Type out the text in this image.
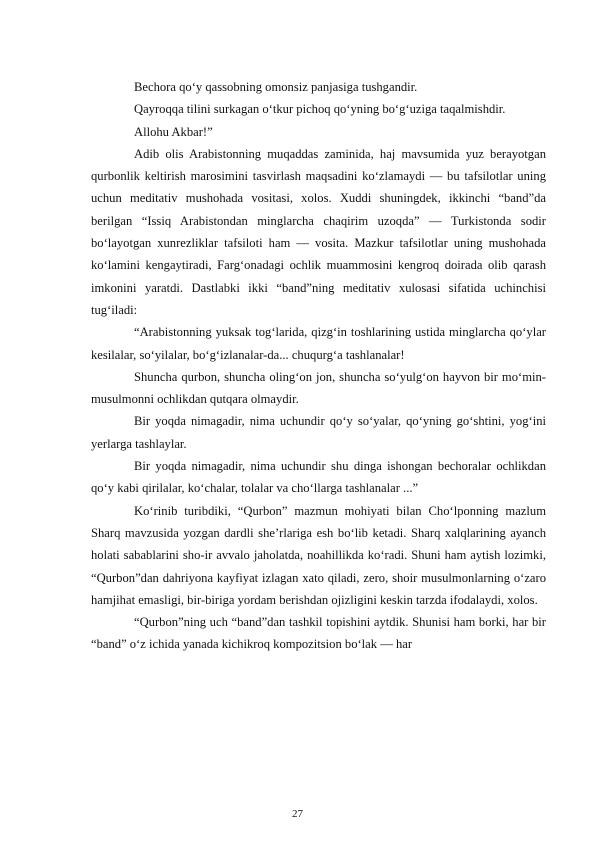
Bechora qo‘y qassobning omonsiz panjasiga tushgandir.

Qayroqqa tilini surkagan o‘tkur pichoq qo‘yning bo‘g‘uziga taqalmishdir.

Allohu Akbar!”

Adib olis Arabistonning muqaddas zaminida, haj mavsumida yuz berayotgan qurbonlik keltirish marosimini tasvirlash maqsadini ko‘zlamaydi — bu tafsilotlar uning uchun meditativ mushohada vositasi, xolos. Xuddi shuningdek, ikkinchi “band”da berilgan “Issiq Arabistondan minglarcha chaqirim uzoqda” — Turkistonda sodir bo‘layotgan xunrezliklar tafsiloti ham — vosita. Mazkur tafsilotlar uning mushohada ko‘lamini kengaytiradi, Farg‘onadagi ochlik muammosini kengroq doirada olib qarash imkonini yaratdi. Dastlabki ikki “band”ning meditativ xulosasi sifatida uchinchisi tug‘iladi:

“Arabistonning yuksak tog‘larida, qizg‘in toshlarining ustida minglarcha qo‘ylar kesilalar, so‘yilalar, bo‘g‘izlanalar-da... chuqurg‘a tashlanalar!

Shuncha qurbon, shuncha oling‘on jon, shuncha so‘yulg‘on hayvon bir mo‘min-musulmonni ochlikdan qutqara olmaydir.

Bir yoqda nimagadir, nima uchundir qo‘y so‘yalar, qo‘yning go‘shtini, yog‘ini yerlarga tashlaylar.

Bir yoqda nimagadir, nima uchundir shu dinga ishongan bechoralar ochlikdan qo‘y kabi qirilalar, ko‘chalar, tolalar va cho‘llarga tashlanalar ...”

Ko‘rinib turibdiki, “Qurbon” mazmun mohiyati bilan Cho‘lponning mazlum Sharq mavzusida yozgan dardli she’rlariga esh bo‘lib ketadi. Sharq xalqlarining ayanch holati sabablarini sho-ir avvalo jaholatda, noahillikda ko‘radi. Shuni ham aytish lozimki, “Qurbon”dan dahriyona kayfiyat izlagan xato qiladi, zero, shoir musulmonlarning o‘zaro hamjihat emasligi, bir-biriga yordam berishdan ojizligini keskin tarzda ifodalaydi, xolos.

“Qurbon”ning uch “band”dan tashkil topishini aytdik. Shunisi ham borki, har bir “band” o‘z ichida yanada kichikroq kompozitsion bo‘lak — har

27
